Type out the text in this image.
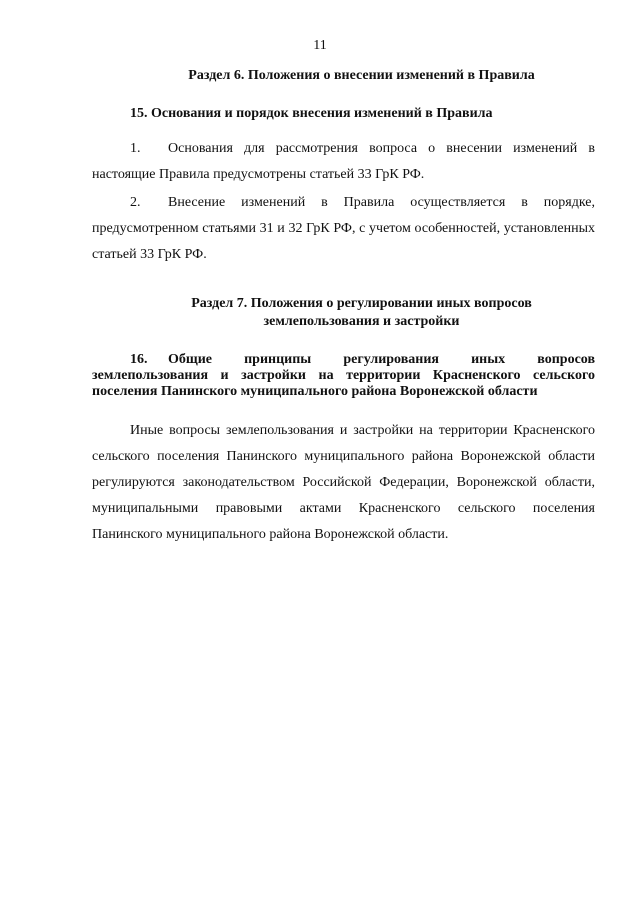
11

Раздел 6. Положения о внесении изменений в Правила

15. Основания и порядок внесения изменений в Правила

1. Основания для рассмотрения вопроса о внесении изменений в настоящие Правила предусмотрены статьей 33 ГрК РФ.

2. Внесение изменений в Правила осуществляется в порядке, предусмотренном статьями 31 и 32 ГрК РФ, с учетом особенностей, установленных статьей 33 ГрК РФ.

Раздел 7. Положения о регулировании иных вопросов

землепользования и застройки

16. Общие принципы регулирования иных вопросов землепользования и застройки на территории Красненского сельского поселения Панинского муниципального района Воронежской области

Иные вопросы землепользования и застройки на территории Красненского сельского поселения Панинского муниципального района Воронежской области регулируются законодательством Российской Федерации, Воронежской области, муниципальными правовыми актами Красненского сельского поселения Панинского муниципального района Воронежской области.
